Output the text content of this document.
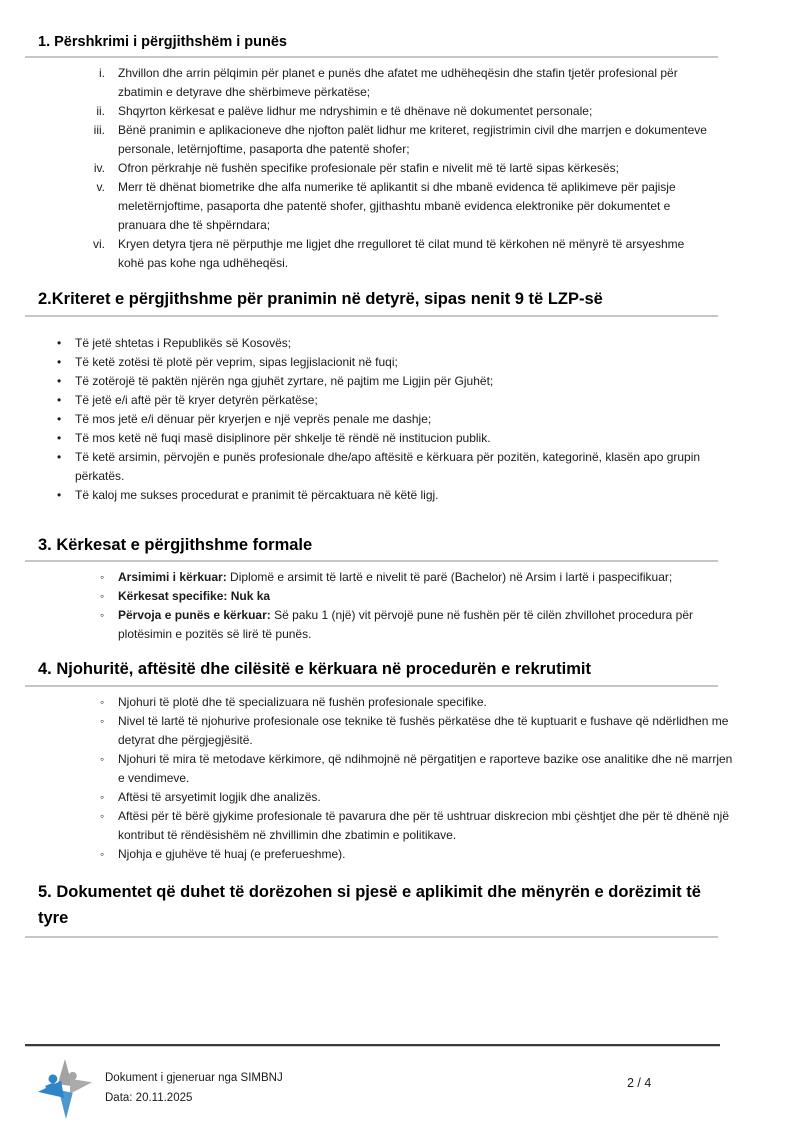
1. Përshkrimi i përgjithshëm i punës
i. Zhvillon dhe arrin pëlqimin për planet e punës dhe afatet me udhëheqësin dhe stafin tjetër profesional për zbatimin e detyrave dhe shërbimeve përkatëse;
ii. Shqyrton kërkesat e palëve lidhur me ndryshimin e të dhënave në dokumentet personale;
iii. Bënë pranimin e aplikacioneve dhe njofton palët lidhur me kriteret, regjistrimin civil dhe marrjen e dokumenteve personale, letërnjoftime, pasaporta dhe patentë shofer;
iv. Ofron përkrahje në fushën specifike profesionale për stafin e nivelit më të lartë sipas kërkesës;
v. Merr të dhënat biometrike dhe alfa numerike të aplikantit si dhe mbanë evidenca të aplikimeve për pajisje meletërnjoftime, pasaporta dhe patentë shofer, gjithashtu mbanë evidenca elektronike për dokumentet e pranuara dhe të shpërndara;
vi. Kryen detyra tjera në përputhje me ligjet dhe rregulloret të cilat mund të kërkohen në mënyrë të arsyeshme kohë pas kohe nga udhëheqësi.
2.Kriteret e përgjithshme për pranimin në detyrë, sipas nenit 9 të LZP-së
•	Të jetë shtetas i Republikës së Kosovës;
•	Të ketë zotësi të plotë për veprim, sipas legjislacionit në fuqi;
•	Të zotërojë të paktën njërën nga gjuhët zyrtare, në pajtim me Ligjin për Gjuhët;
•	Të jetë e/i aftë për të kryer detyrën përkatëse;
•	Të mos jetë e/i dënuar për kryerjen e një veprës penale me dashje;
•	Të mos ketë në fuqi masë disiplinore për shkelje të rëndë në institucion publik.
•	Të ketë arsimin, përvojën e punës profesionale dhe/apo aftësitë e kërkuara për pozitën, kategorinë, klasën apo grupin përkatës.
•	Të kaloj me sukses procedurat e pranimit të përcaktuara në këtë ligj.
3. Kërkesat e përgjithshme formale
◦	Arsimimi i kërkuar: Diplomë e arsimit të lartë e nivelit të parë (Bachelor) në Arsim i lartë i paspecifikuar;
◦	Kërkesat specifike: Nuk ka
◦	Përvoja e punës e kërkuar: Së paku 1 (një) vit përvojë pune në fushën për të cilën zhvillohet procedura për plotësimin e pozitës së lirë të punës.
4. Njohuritë, aftësitë dhe cilësitë e kërkuara në procedurën e rekrutimit
◦	Njohuri të plotë dhe të specializuara në fushën profesionale specifike.
◦	Nivel të lartë të njohurive profesionale ose teknike të fushës përkatëse dhe të kuptuarit e fushave që ndërlidhen me detyrat dhe përgjegjësitë.
◦	Njohuri të mira të metodave kërkimore, që ndihmojnë në përgatitjen e raporteve bazike ose analitike dhe në marrjen e vendimeve.
◦	Aftësi të arsyetimit logjik dhe analizës.
◦	Aftësi për të bërë gjykime profesionale të pavarura dhe për të ushtruar diskrecion mbi çështjet dhe për të dhënë një kontribut të rëndësishëm në zhvillimin dhe zbatimin e politikave.
◦	Njohja e gjuhëve të huaj (e preferueshme).
5. Dokumentet që duhet të dorëzohen si pjesë e aplikimit dhe mënyrën e dorëzimit të tyre
Dokument i gjeneruar nga SIMBNJ
Data: 20.11.2025
2 / 4
